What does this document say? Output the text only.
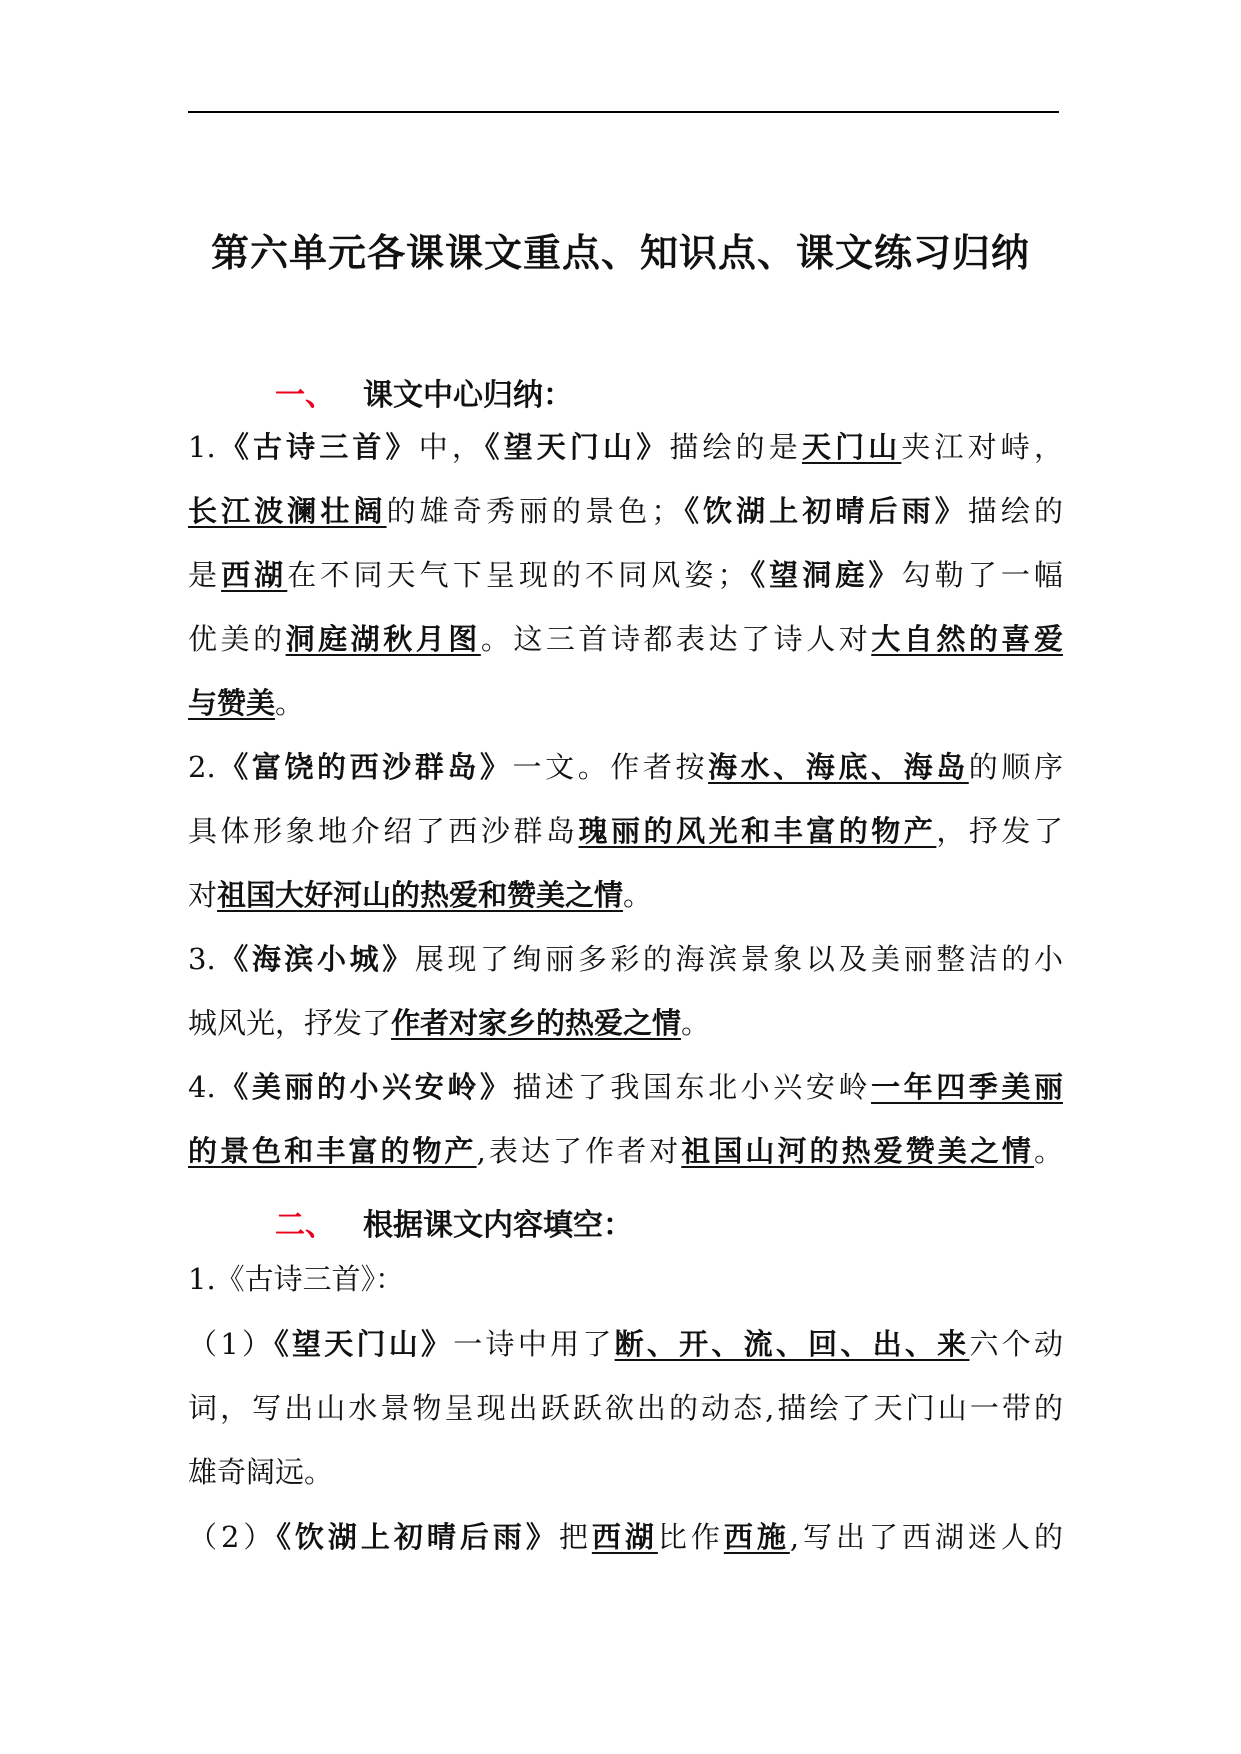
第六单元各课课文重点、知识点、课文练习归纳
一、 课文中心归纳：
1.《古诗三首》中，《望天门山》描绘的是天门山夹江对峙，
长江波澜壮阔的雄奇秀丽的景色；《饮湖上初晴后雨》描绘的
是西湖在不同天气下呈现的不同风姿；《望洞庭》勾勒了一幅
优美的洞庭湖秋月图。这三首诗都表达了诗人对大自然的喜爱
与赞美。
2.《富饶的西沙群岛》一文。作者按海水、海底、海岛的顺序
具体形象地介绍了西沙群岛瑰丽的风光和丰富的物产，抒发了
对祖国大好河山的热爱和赞美之情。
3.《海滨小城》展现了绚丽多彩的海滨景象以及美丽整洁的小
城风光，抒发了作者对家乡的热爱之情。
4.《美丽的小兴安岭》描述了我国东北小兴安岭一年四季美丽
的景色和丰富的物产,表达了作者对祖国山河的热爱赞美之情。
二、 根据课文内容填空：
1.《古诗三首》：
（1）《望天门山》一诗中用了断、开、流、回、出、来六个动
词，写出山水景物呈现出跃跃欲出的动态,描绘了天门山一带的
雄奇阔远。
（2）《饮湖上初晴后雨》把西湖比作西施,写出了西湖迷人的
